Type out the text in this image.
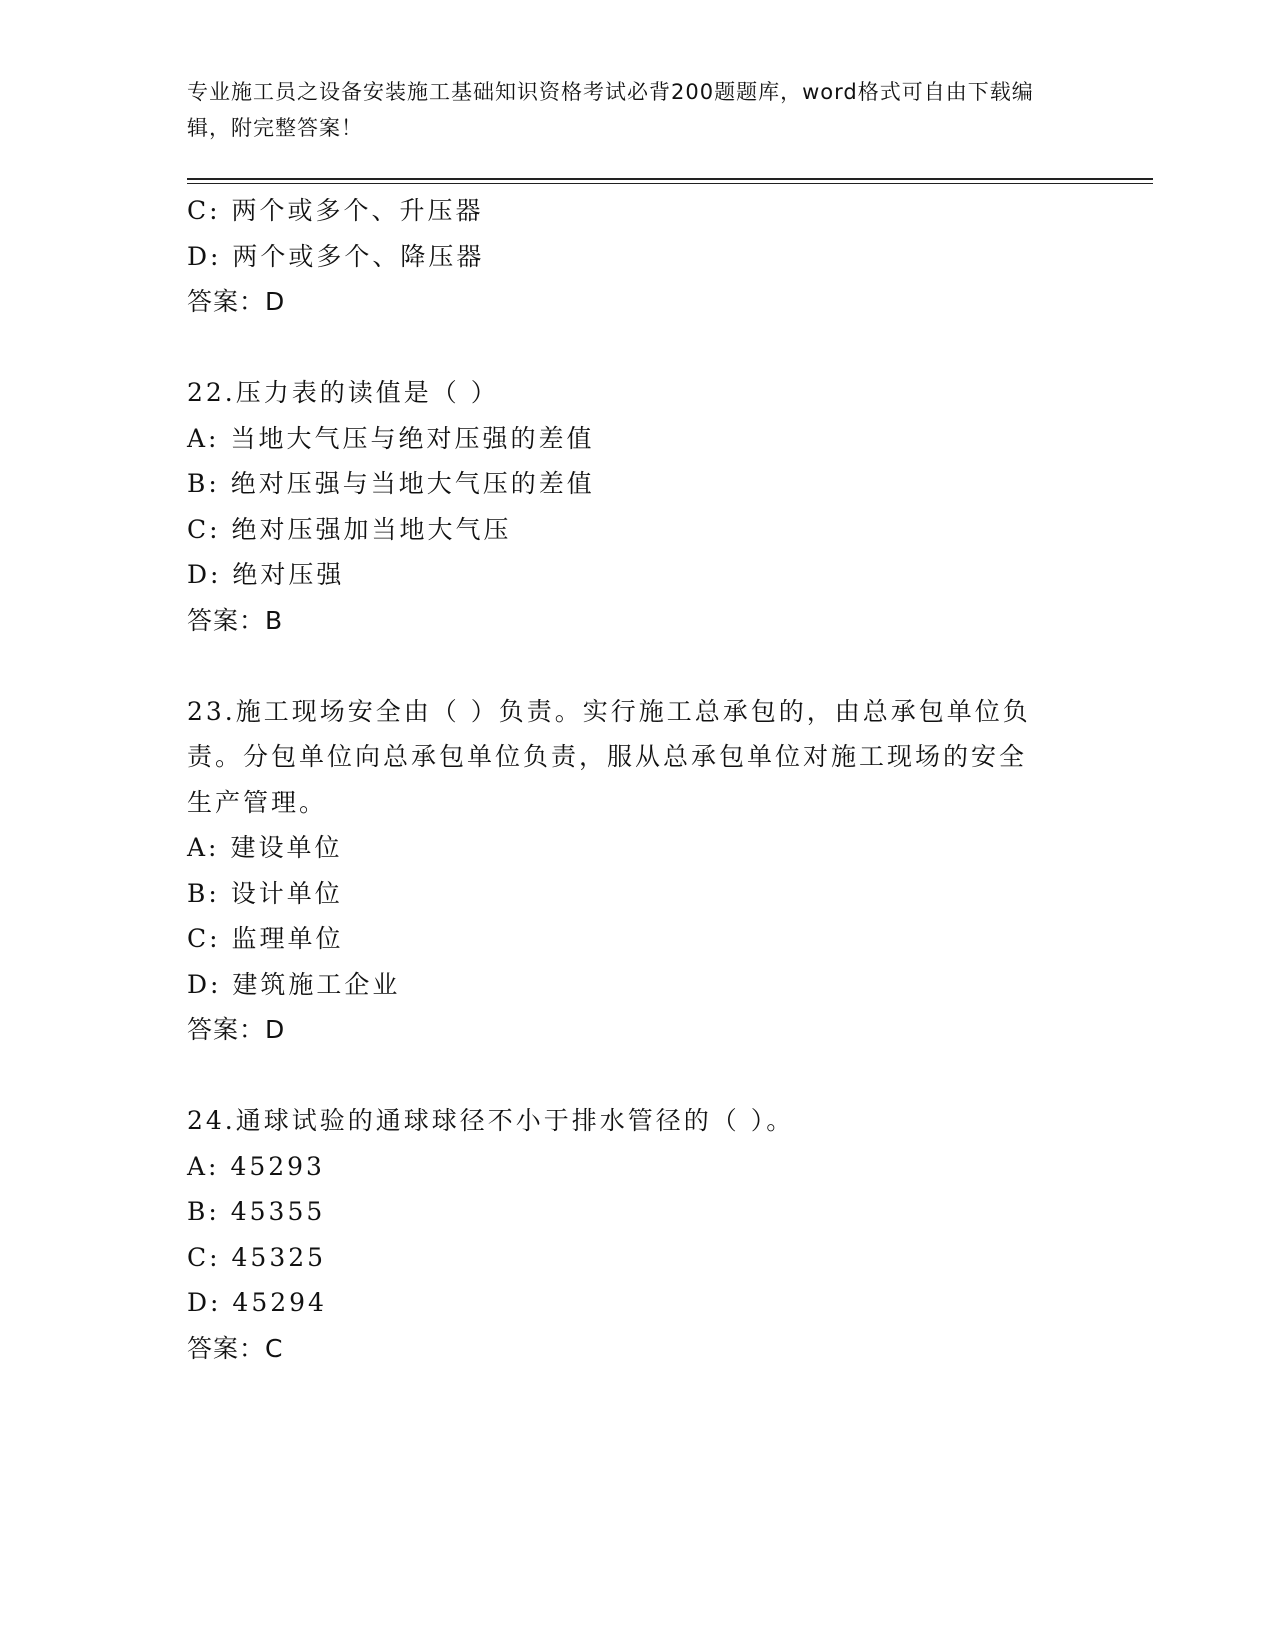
专业施工员之设备安装施工基础知识资格考试必背200题题库，word格式可自由下载编辑，附完整答案！

C: 两个或多个、升压器

D: 两个或多个、降压器

答案：D

22.压力表的读值是（ ）

A: 当地大气压与绝对压强的差值

B: 绝对压强与当地大气压的差值

C: 绝对压强加当地大气压

D: 绝对压强

答案：B

23.施工现场安全由（ ）负责。实行施工总承包的，由总承包单位负

责。分包单位向总承包单位负责，服从总承包单位对施工现场的安全

生产管理。

A: 建设单位

B: 设计单位

C: 监理单位

D: 建筑施工企业

答案：D

24.通球试验的通球球径不小于排水管径的（ ）。

A: 45293

B: 45355

C: 45325

D: 45294

答案：C
